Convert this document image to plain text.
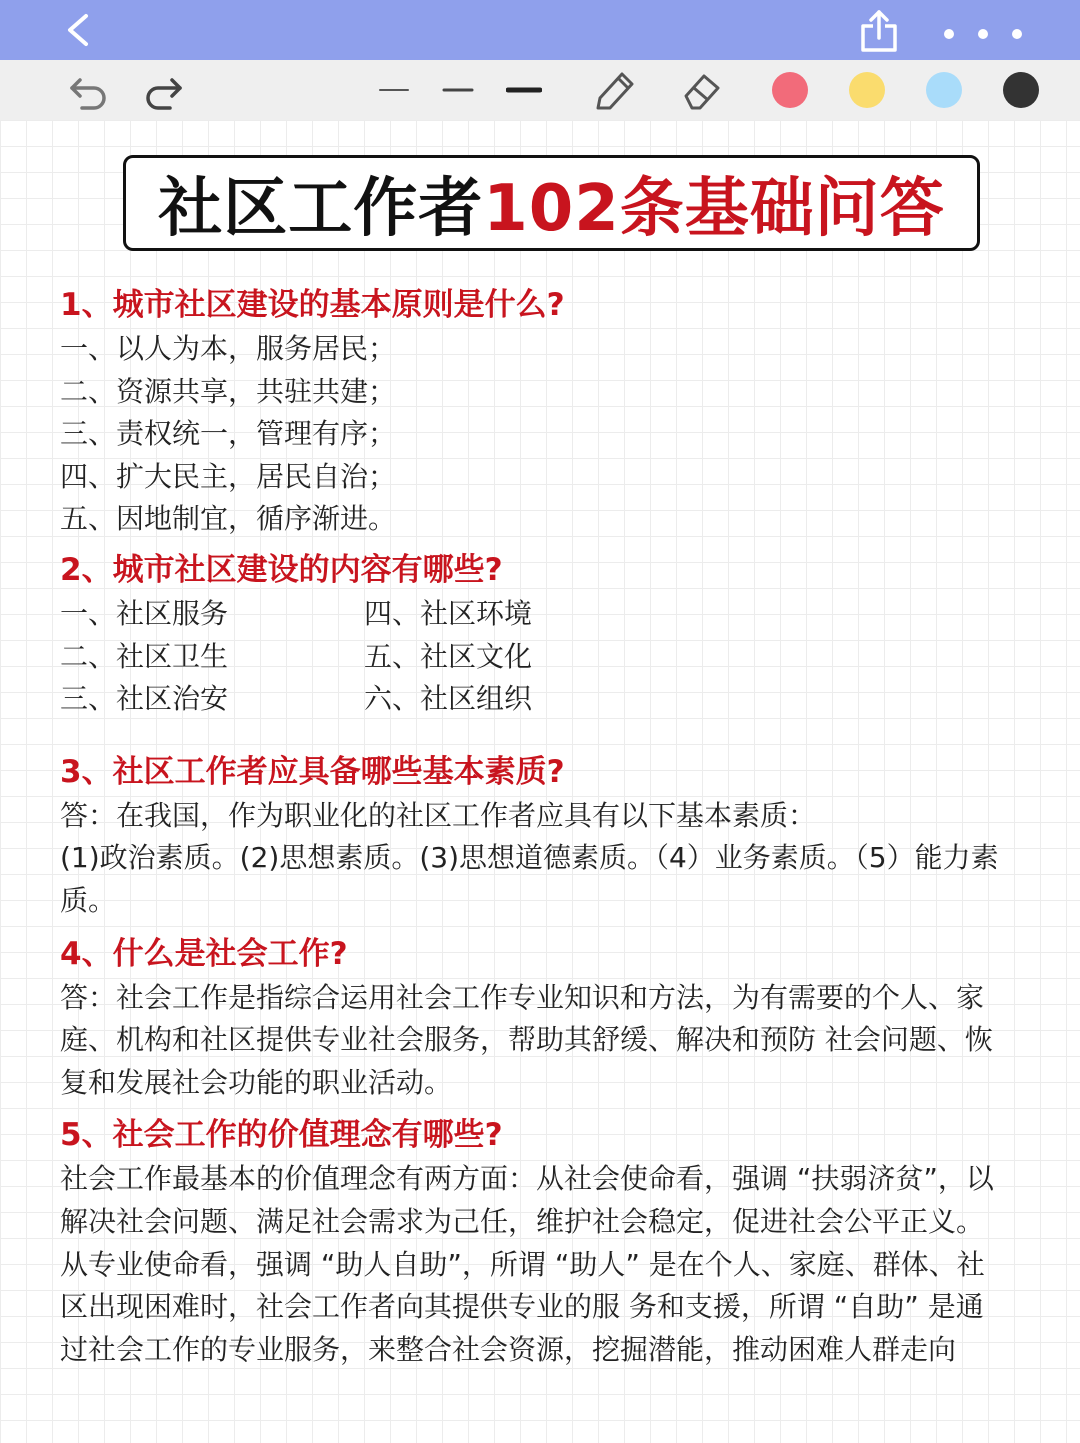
社区工作者 102条基础问答
1、城市社区建设的基本原则是什么?
一、以人为本，服务居民；
二、资源共享，共驻共建；
三、责权统一，管理有序；
四、扩大民主，居民自治；
五、因地制宜，循序渐进。
2、城市社区建设的内容有哪些?
一、社区服务	四、社区环境
二、社区卫生	五、社区文化
三、社区治安	六、社区组织
3、社区工作者应具备哪些基本素质?
答：在我国，作为职业化的社区工作者应具有以下基本素质：
(1)政治素质。(2)思想素质。(3)思想道德素质。（4）业务素质。（5）能力素
质。
4、什么是社会工作?
答：社会工作是指综合运用社会工作专业知识和方法，为有需要的个人、家
庭、机构和社区提供专业社会服务，帮助其舒缓、解决和预防 社会问题、恢
复和发展社会功能的职业活动。
5、社会工作的价值理念有哪些?
社会工作最基本的价值理念有两方面：从社会使命看，强调 “扶弱济贫”，以
解决社会问题、满足社会需求为己任，维护社会稳定，促进社会公平正义。
从专业使命看，强调 “助人自助”，所谓 “助人” 是在个人、家庭、群体、社
区出现困难时，社会工作者向其提供专业的服 务和支援，所谓 “自助” 是通
过社会工作的专业服务，来整合社会资源，挖掘潜能，推动困难人群走向
